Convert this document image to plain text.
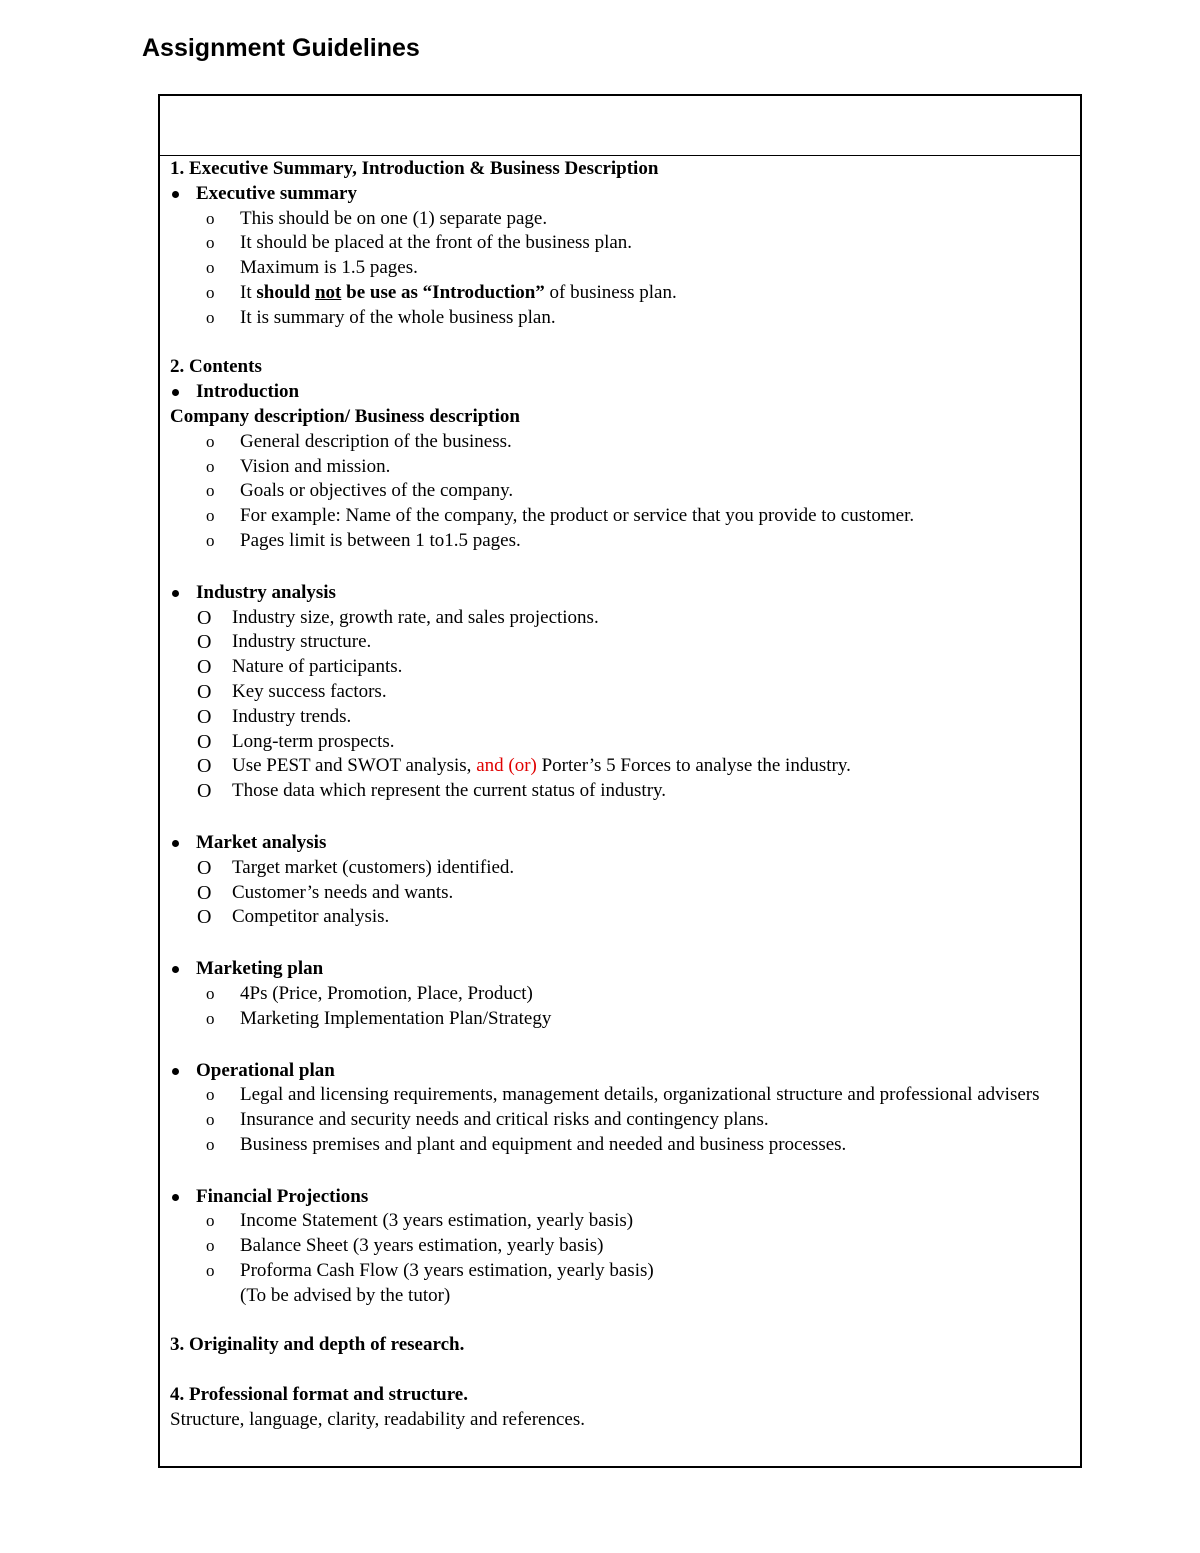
Assignment Guidelines

1. Executive Summary, Introduction & Business Description

Executive summary
o This should be on one (1) separate page.
o It should be placed at the front of the business plan.
o Maximum is 1.5 pages.
o It should not be use as “Introduction” of business plan.
o It is summary of the whole business plan.

2. Contents

Introduction

Company description/ Business description

o General description of the business.
o Vision and mission.
o Goals or objectives of the company.
o For example: Name of the company, the product or service that you provide to customer.
o Pages limit is between 1 to1.5 pages.
Industry analysis
O Industry size, growth rate, and sales projections.
O Industry structure.
O Nature of participants.
O Key success factors.
O Industry trends.
O Long-term prospects.
O Use PEST and SWOT analysis, and (or) Porter’s 5 Forces to analyse the industry.
O Those data which represent the current status of industry.
Market analysis
O Target market (customers) identified.
O Customer’s needs and wants.
O Competitor analysis.
Marketing plan
o 4Ps (Price, Promotion, Place, Product)
o Marketing Implementation Plan/Strategy
Operational plan
o Legal and licensing requirements, management details, organizational structure and professional advisers
o Insurance and security needs and critical risks and contingency plans.
o Business premises and plant and equipment and needed and business processes.
Financial Projections
o Income Statement (3 years estimation, yearly basis)
o Balance Sheet (3 years estimation, yearly basis)
o Proforma Cash Flow (3 years estimation, yearly basis)
(To be advised by the tutor)

3. Originality and depth of research.

4. Professional format and structure.

Structure, language, clarity, readability and references.
